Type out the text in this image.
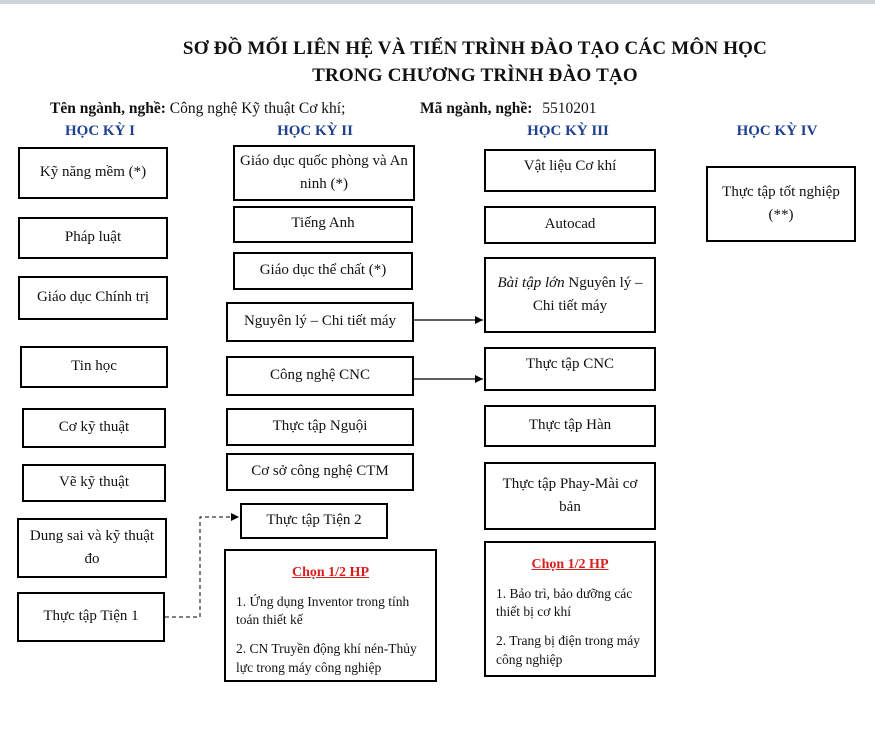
SƠ ĐỒ MỐI LIÊN HỆ VÀ TIẾN TRÌNH ĐÀO TẠO CÁC MÔN HỌC
TRONG CHƯƠNG TRÌNH ĐÀO TẠO
Tên ngành, nghề: Công nghệ Kỹ thuật Cơ khí;	Mã ngành, nghề: 5510201
HỌC KỲ I	HỌC KỲ II	HỌC KỲ III	HỌC KỲ IV
Kỹ năng mềm (*)
Pháp luật
Giáo dục Chính trị
Tin học
Cơ kỹ thuật
Vẽ kỹ thuật
Dung sai và kỹ thuật đo
Thực tập Tiện 1
Giáo dục quốc phòng và An ninh (*)
Tiếng Anh
Giáo dục thể chất (*)
Nguyên lý – Chi tiết máy
Công nghệ CNC
Thực tập Nguội
Cơ sở công nghệ CTM
Thực tập Tiện 2
Chọn 1/2 HP
1. Ứng dụng Inventor trong tính toán thiết kế
2. CN Truyền động khí nén-Thủy lực trong máy công nghiệp
Vật liệu Cơ khí
Autocad
Bài tập lớn Nguyên lý – Chi tiết máy
Thực tập CNC
Thực tập Hàn
Thực tập Phay-Mài cơ bản
Chọn 1/2 HP
1. Bảo trì, bảo dưỡng các thiết bị cơ khí
2. Trang bị điện trong máy công nghiệp
Thực tập tốt nghiệp (**)
